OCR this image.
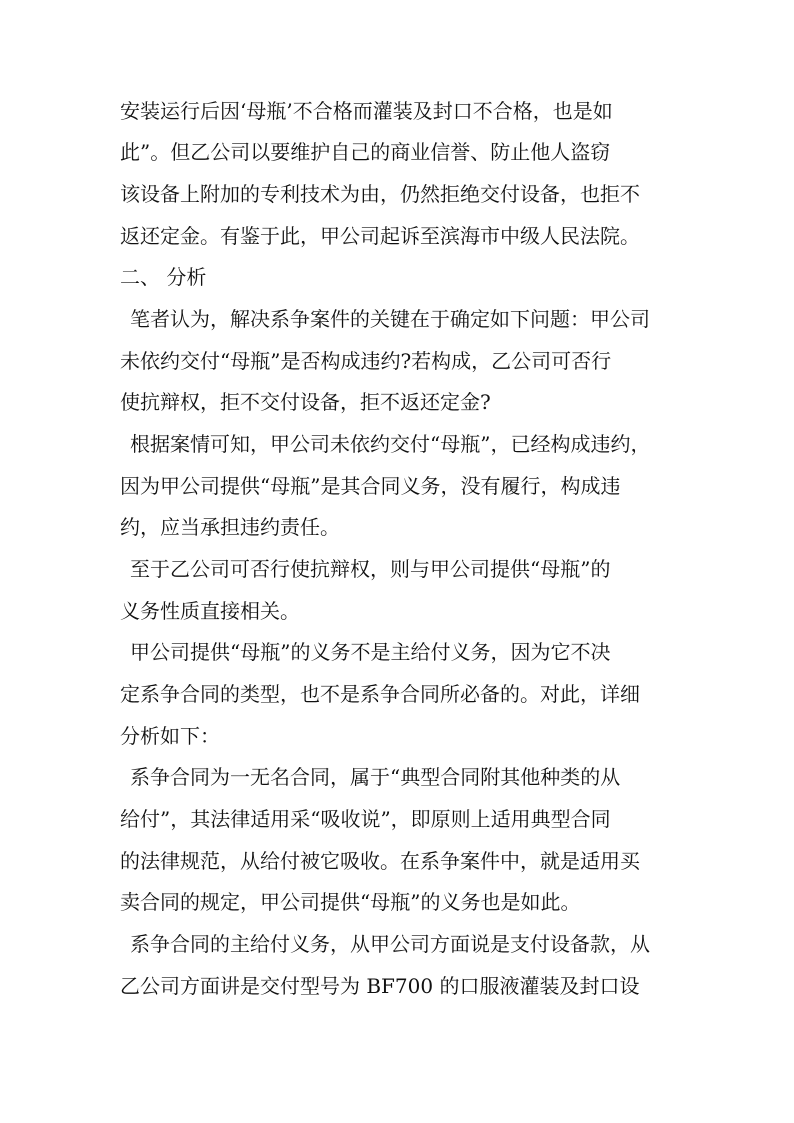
安装运行后因‘母瓶’不合格而灌装及封口不合格，也是如
此”。但乙公司以要维护自己的商业信誉、防止他人盗窃
该设备上附加的专利技术为由，仍然拒绝交付设备，也拒不
返还定金。有鉴于此，甲公司起诉至滨海市中级人民法院。
二、 分析
笔者认为，解决系争案件的关键在于确定如下问题：甲公司
未依约交付“母瓶”是否构成违约?若构成，乙公司可否行
使抗辩权，拒不交付设备，拒不返还定金?
根据案情可知，甲公司未依约交付“母瓶”，已经构成违约，
因为甲公司提供“母瓶”是其合同义务，没有履行，构成违
约，应当承担违约责任。
至于乙公司可否行使抗辩权，则与甲公司提供“母瓶”的
义务性质直接相关。
甲公司提供“母瓶”的义务不是主给付义务，因为它不决
定系争合同的类型，也不是系争合同所必备的。对此，详细
分析如下：
系争合同为一无名合同，属于“典型合同附其他种类的从
给付”，其法律适用采“吸收说”，即原则上适用典型合同
的法律规范，从给付被它吸收。在系争案件中，就是适用买
卖合同的规定，甲公司提供“母瓶”的义务也是如此。
系争合同的主给付义务，从甲公司方面说是支付设备款，从
乙公司方面讲是交付型号为 BF700 的口服液灌装及封口设
